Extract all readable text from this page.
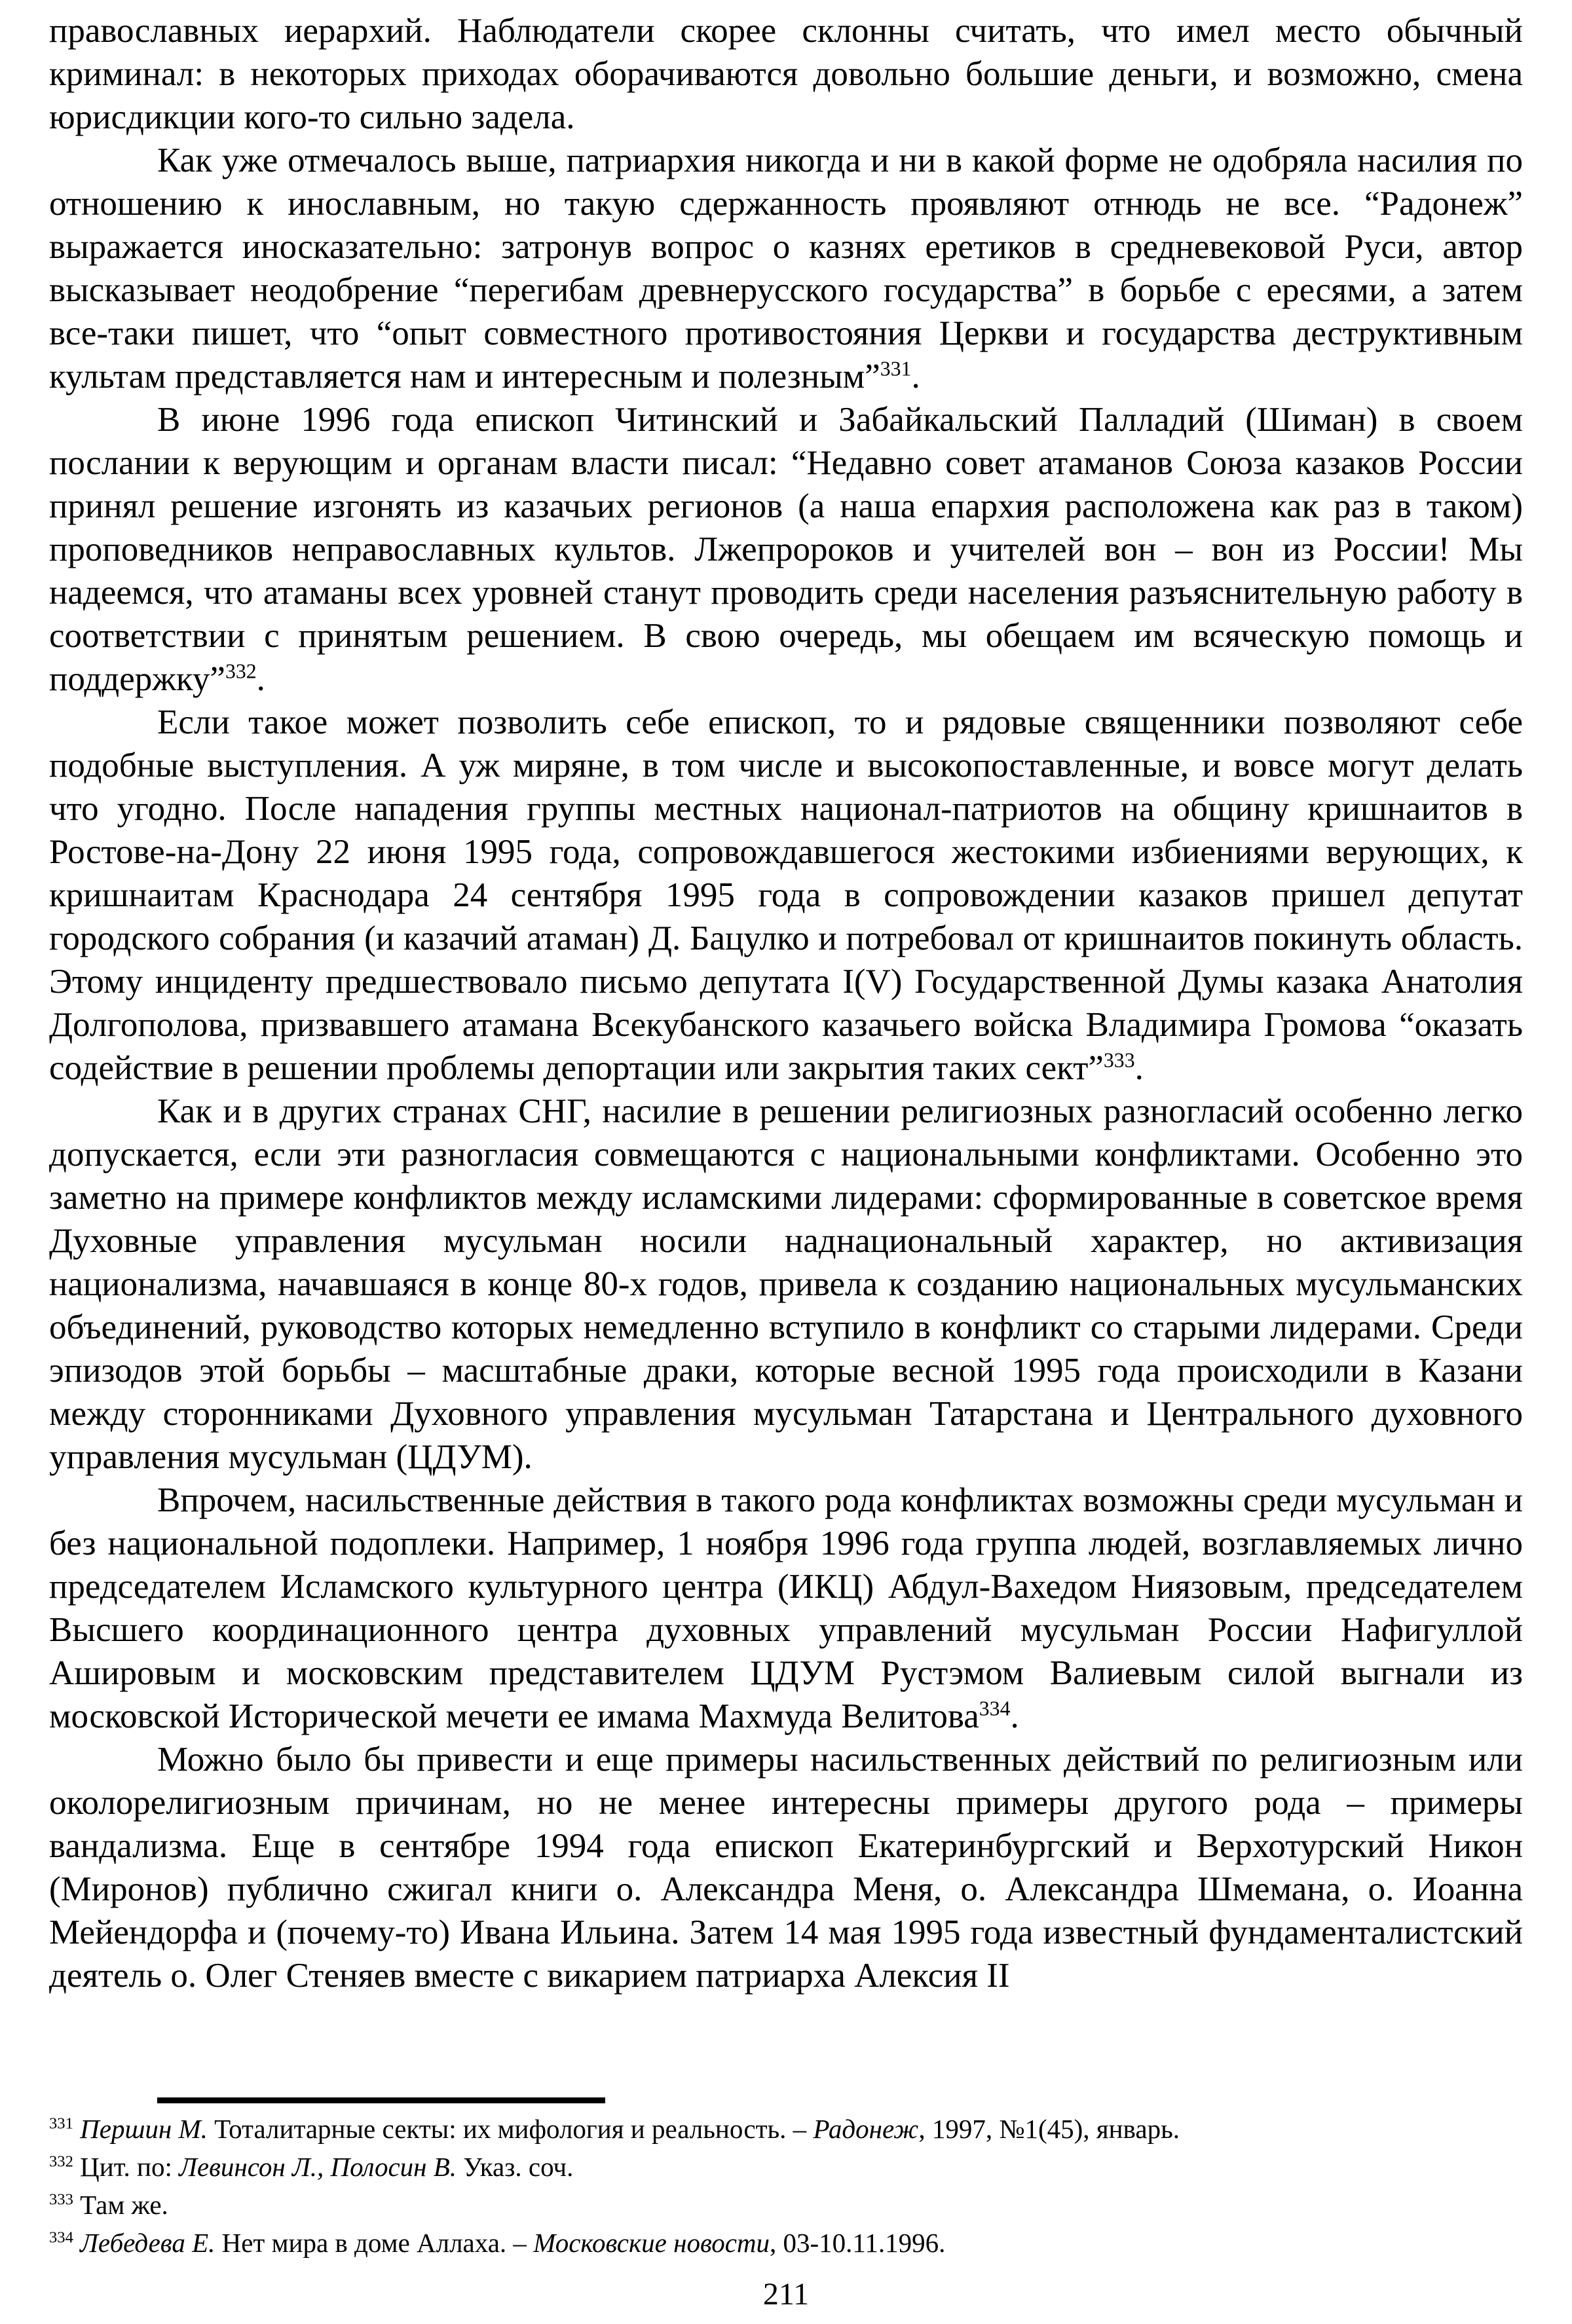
православных иерархий. Наблюдатели скорее склонны считать, что имел место обычный криминал: в некоторых приходах оборачиваются довольно большие деньги, и возможно, смена юрисдикции кого-то сильно задела.

Как уже отмечалось выше, патриархия никогда и ни в какой форме не одобряла насилия по отношению к инославным, но такую сдержанность проявляют отнюдь не все. “Радонеж” выражается иносказательно: затронув вопрос о казнях еретиков в средневековой Руси, автор высказывает неодобрение “перегибам древнерусского государства” в борьбе с ересями, а затем все-таки пишет, что “опыт совместного противостояния Церкви и государства деструктивным культам представляется нам и интересным и полезным”$^{331}$.

В июне 1996 года епископ Читинский и Забайкальский Палладий (Шиман) в своем послании к верующим и органам власти писал: “Недавно совет атаманов Союза казаков России принял решение изгонять из казачьих регионов (а наша епархия расположена как раз в таком) проповедников неправославных культов. Лжепророков и учителей вон – вон из России! Мы надеемся, что атаманы всех уровней станут проводить среди населения разъяснительную работу в соответствии с принятым решением. В свою очередь, мы обещаем им всяческую помощь и поддержку”$^{332}$.

Если такое может позволить себе епископ, то и рядовые священники позволяют себе подобные выступления. А уж миряне, в том числе и высокопоставленные, и вовсе могут делать что угодно. После нападения группы местных национал-патриотов на общину кришнаитов в Ростове-на-Дону 22 июня 1995 года, сопровождавшегося жестокими избиениями верующих, к кришнаитам Краснодара 24 сентября 1995 года в сопровождении казаков пришел депутат городского собрания (и казачий атаман) Д. Бацулко и потребовал от кришнаитов покинуть область. Этому инциденту предшествовало письмо депутата I(V) Государственной Думы казака Анатолия Долгополова, призвавшего атамана Всекубанского казачьего войска Владимира Громова “оказать содействие в решении проблемы депортации или закрытия таких сект”$^{333}$.

Как и в других странах СНГ, насилие в решении религиозных разногласий особенно легко допускается, если эти разногласия совмещаются с национальными конфликтами. Особенно это заметно на примере конфликтов между исламскими лидерами: сформированные в советское время Духовные управления мусульман носили наднациональный характер, но активизация национализма, начавшаяся в конце 80-х годов, привела к созданию национальных мусульманских объединений, руководство которых немедленно вступило в конфликт со старыми лидерами. Среди эпизодов этой борьбы – масштабные драки, которые весной 1995 года происходили в Казани между сторонниками Духовного управления мусульман Татарстана и Центрального духовного управления мусульман (ЦДУМ).

Впрочем, насильственные действия в такого рода конфликтах возможны среди мусульман и без национальной подоплеки. Например, 1 ноября 1996 года группа людей, возглавляемых лично председателем Исламского культурного центра (ИКЦ) Абдул-Вахедом Ниязовым, председателем Высшего координационного центра духовных управлений мусульман России Нафигуллой Ашировым и московским представителем ЦДУМ Рустэмом Валиевым силой выгнали из московской Исторической мечети ее имама Махмуда Велитова$^{334}$.

Можно было бы привести и еще примеры насильственных действий по религиозным или околорелигиозным причинам, но не менее интересны примеры другого рода – примеры вандализма. Еще в сентябре 1994 года епископ Екатеринбургский и Верхотурский Никон (Миронов) публично сжигал книги о. Александра Меня, о. Александра Шмемана, о. Иоанна Мейендорфа и (почему-то) Ивана Ильина. Затем 14 мая 1995 года известный фундаменталистский деятель о. Олег Стеняев вместе с викарием патриарха Алексия II

$^{331}$ Першин М. Тоталитарные секты: их мифология и реальность. – Радонеж, 1997, №1(45), январь.
$^{332}$ Цит. по: Левинсон Л., Полосин В. Указ. соч.
$^{333}$ Там же.
$^{334}$ Лебедева Е. Нет мира в доме Аллаха. – Московские новости, 03-10.11.1996.
211
